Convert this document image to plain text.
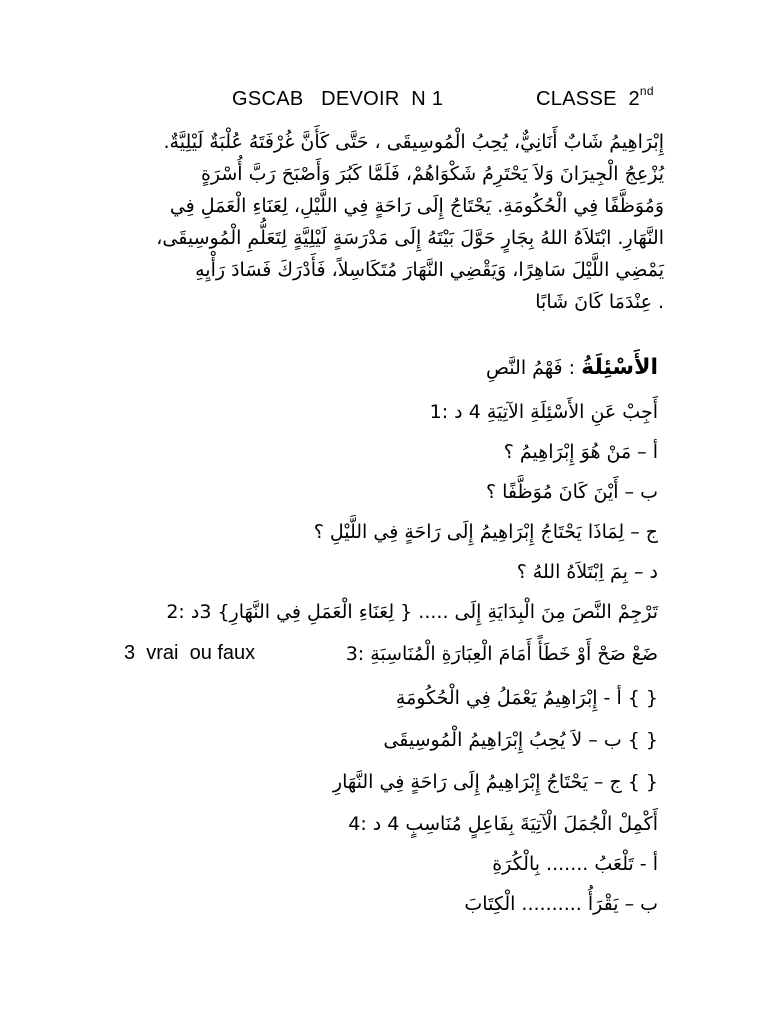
GSCAB   DEVOIR  N 1	CLASSE  2nd
إِبْرَاهِيمُ شَابٌ أَنَانِيٌّ، يُحِبُ الْمُوسِيقَى ، حَتَّى كَأَنَّ غُرْفَتَهُ عُلْبَةٌ لَيْلِيَّةٌ.
يُزْعِجُ الْجِيرَانَ وَلاَ يَحْتَرِمُ شَكْوَاهُمْ، فَلَمَّا كَبُرَ وَأَصْبَحَ رَبَّ أُسْرَةٍ
وَمُوَظَّفًا فِي الْحُكُومَةِ. يَحْتَاجُ إِلَى رَاحَةٍ فِي اللَّيْلِ، لِعَنَاءِ الْعَمَلِ فِي
النَّهَارِ. ابْتَلاَهُ اللهُ بِجَارٍ حَوَّلَ بَيْتَهُ إِلَى مَدْرَسَةٍ لَيْلِيَّةٍ لِتَعَلُّمِ الْمُوسِيقَى،
يَمْضِي اللَّيْلَ سَاهِرًا، وَيَقْضِي النَّهَارَ مُتَكَاسِلاً، فَأَدْرَكَ فَسَادَ رَأْيِهِ
. عِنْدَمَا كَانَ شَابًا
الأَسْئِلَةُ : فَهْمُ النَّصِ
أَجِبْ عَنِ الأَسْئِلَةِ الآتِيَةِ 4 د :1
أ – مَنْ هُوَ إِبْرَاهِيمُ ؟
ب – أَيْنَ كَانَ مُوَظَّفًا ؟
ج – لِمَاذَا يَحْتَاجُ إِبْرَاهِيمُ إِلَى رَاحَةٍ فِي اللَّيْلِ ؟
د – بِمَ اِبْتَلاَهُ اللهُ ؟
تَرْجِمْ النَّصَ مِنَ الْبِدَايَةِ إِلَى ..... { لِعَنَاءِ الْعَمَلِ فِي النَّهَارِ} 3د :2
ضَعْ صَحْ أَوْ خَطَأً أَمَامَ الْعِبَارَةِ الْمُنَاسِبَةِ :3
3  vrai  ou faux
{ } أ - إِبْرَاهِيمُ يَعْمَلُ فِي الْحُكُومَةِ
{ } ب – لاَ يُحِبُ إِبْرَاهِيمُ الْمُوسِيقَى
{ } ج – يَحْتَاجُ إِبْرَاهِيمُ إِلَى رَاحَةٍ فِي النَّهَارِ
أَكْمِلْ الْجُمَلَ الْآتِيَةَ بِفَاعِلٍ مُنَاسِبٍ 4 د :4
أ - تَلْعَبُ ....... بِالْكُرَةِ
ب – يَقْرَأُ .......... الْكِتَابَ
